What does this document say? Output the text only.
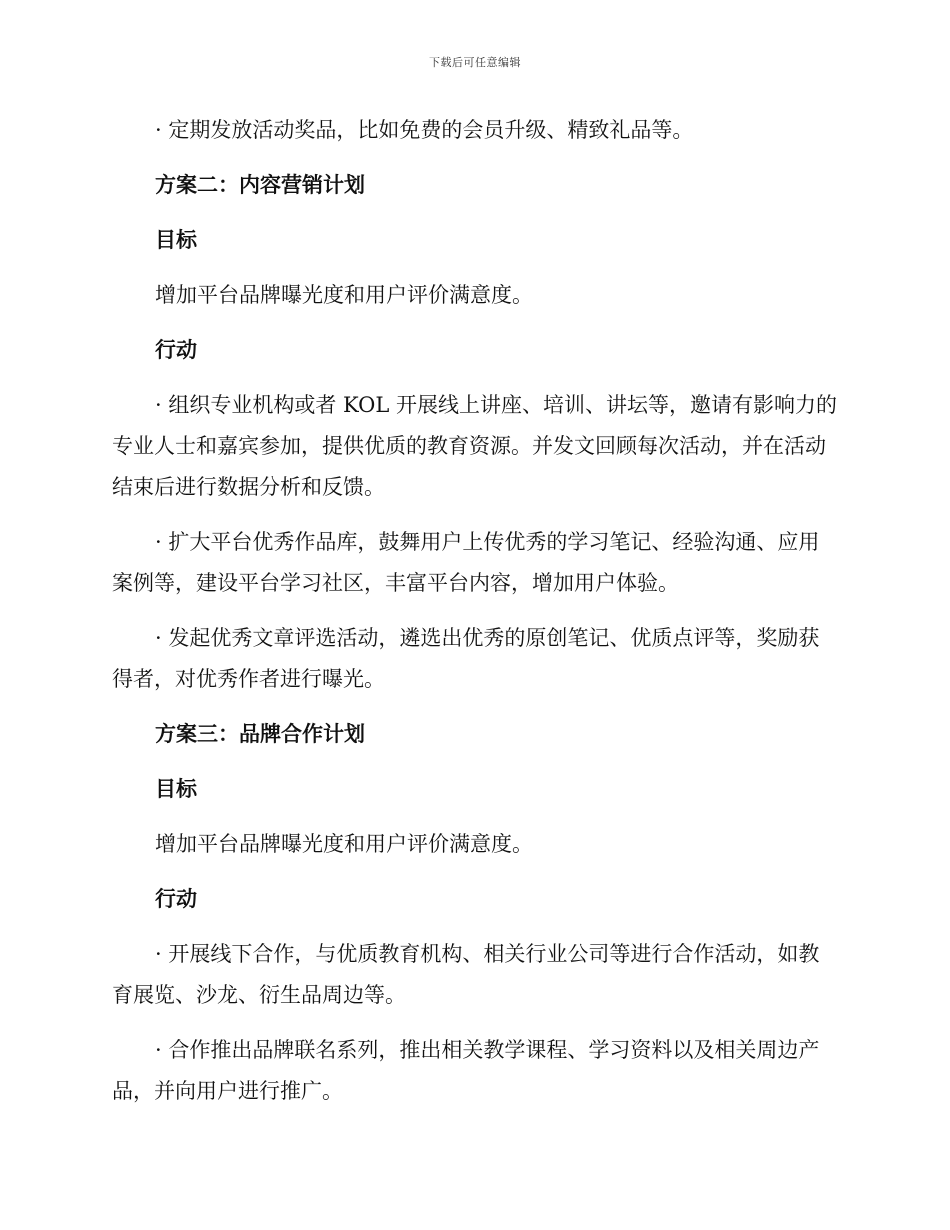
下载后可任意编辑

· 定期发放活动奖品，比如免费的会员升级、精致礼品等。

方案二：内容营销计划

目标

增加平台品牌曝光度和用户评价满意度。

行动

· 组织专业机构或者 KOL 开展线上讲座、培训、讲坛等，邀请有影响力的专业人士和嘉宾参加，提供优质的教育资源。并发文回顾每次活动，并在活动结束后进行数据分析和反馈。

· 扩大平台优秀作品库，鼓舞用户上传优秀的学习笔记、经验沟通、应用案例等，建设平台学习社区，丰富平台内容，增加用户体验。

· 发起优秀文章评选活动，遴选出优秀的原创笔记、优质点评等，奖励获得者，对优秀作者进行曝光。

方案三：品牌合作计划

目标

增加平台品牌曝光度和用户评价满意度。

行动

· 开展线下合作，与优质教育机构、相关行业公司等进行合作活动，如教育展览、沙龙、衍生品周边等。

· 合作推出品牌联名系列，推出相关教学课程、学习资料以及相关周边产品，并向用户进行推广。
